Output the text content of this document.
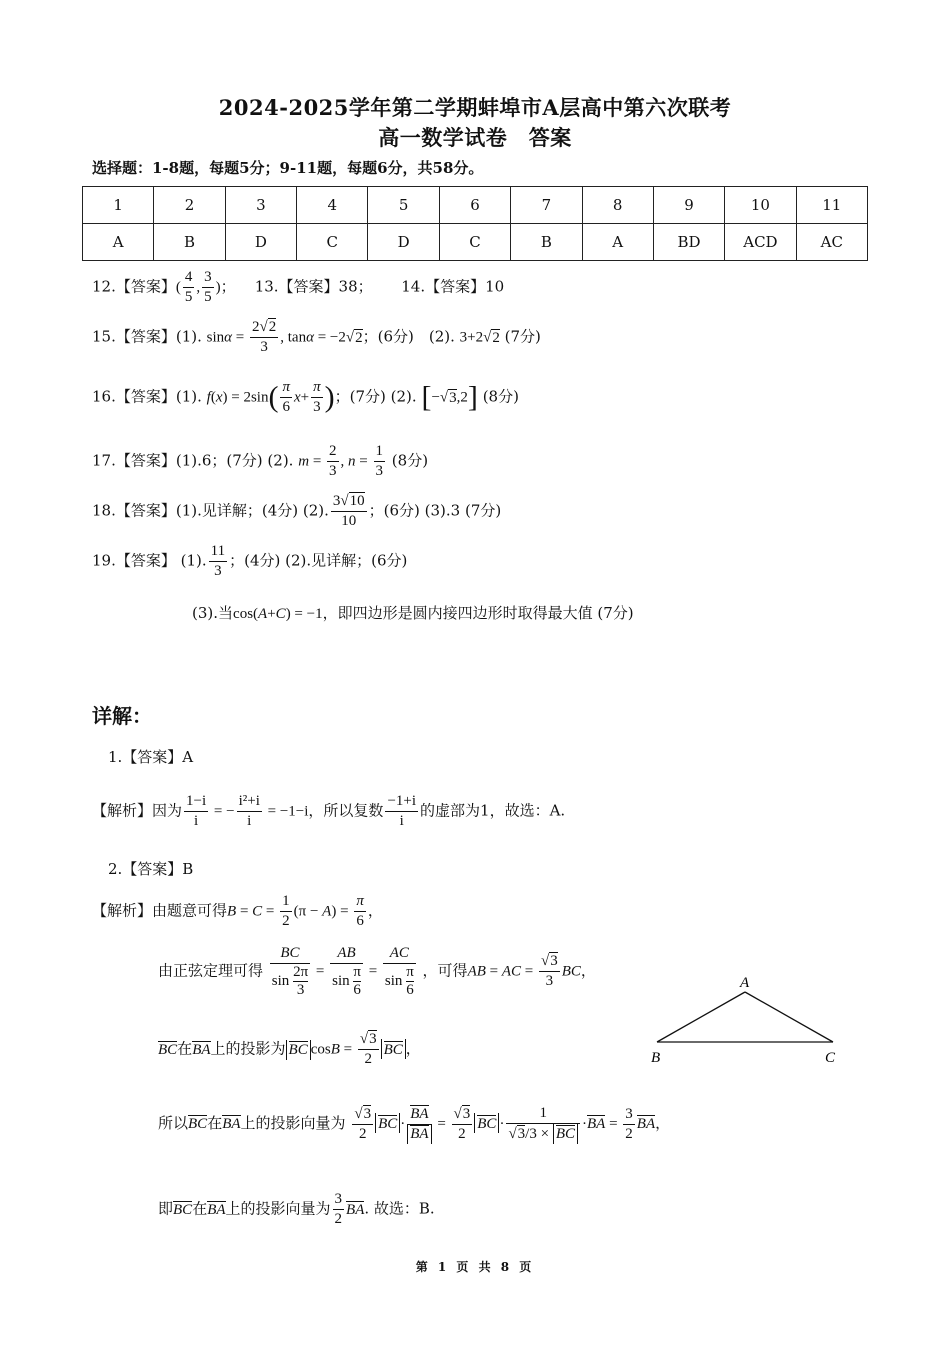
2024-2025学年第二学期蚌埠市A层高中第六次联考
高一数学试卷　答案
选择题：1-8题，每题5分；9-11题，每题6分，共58分。
1	2	3	4	5	6	7	8	9	10	11
A	B	D	C	D	C	B	A	BD	ACD	AC
12.【答案】( $\frac{4}{5}$ , $\frac{3}{5}$ )； 13.【答案】38； 14.【答案】10
15.【答案】(1). $\sin\alpha = \frac{2√2}{3}$ , tanα = −2√2；(6分)　(2). 3+2√2 (7分)
16.【答案】(1). $f(x) = 2\sin( \frac{\pi}{6} x+ \frac{\pi}{3}$ )；(7分) (2). [−√3,2] (8分)
17.【答案】(1).6；(7分) (2). $m = \frac{2}{3}$ , $n = \frac{1}{3} (8$分)
18.【答案】(1).见详解；(4分) (2). $\frac{3√10}{10}$ ；(6分) (3).3 (7分)
19.【答案】 (1). $\frac{11}{3}$ ；(4分) (2).见详解；(6分)
(3).当cos(A+C) = −1，即四边形是圆内接四边形时取得最大值 (7分)
详解：
1.【答案】A
【解析】因为 $\frac{1-i}{i}$ = − $\frac{\text{i²+i}}{i} = -1-i$，所以复数 $\frac{-1+i}{i}$ 的虚部为1，故选：A.
2.【答案】B
【解析】由题意可得$B = C = \frac{1}{2} (\pi - A) = \frac{\pi}{6}$ ，
由正弦定理可得 $\frac{BC}{\sin \frac{2\pi}{3}} = \frac{AB}{\sin \frac{\pi}{6}} = \frac{AC}{\sin \frac{\pi}{6}}$ ，可得AB = AC = $\frac{√3}{3}$ BC，
BC在BA上的投影为 BC $\cos B = \frac{√3}{2}$ BC ，
所以BC在BA上的投影向量为 $\frac{√3}{2}$ BC · $\frac{BA}{BA} = \frac{√3}{2}$ BC · $\frac{1}{√3/3 \times BC} \cdot BA = \frac{3}{2}$ BA，
即BC在BA上的投影向量为 $\frac{3}{2}$ BA. 故选：B.
A
B	C
第 1 页 共 8 页
